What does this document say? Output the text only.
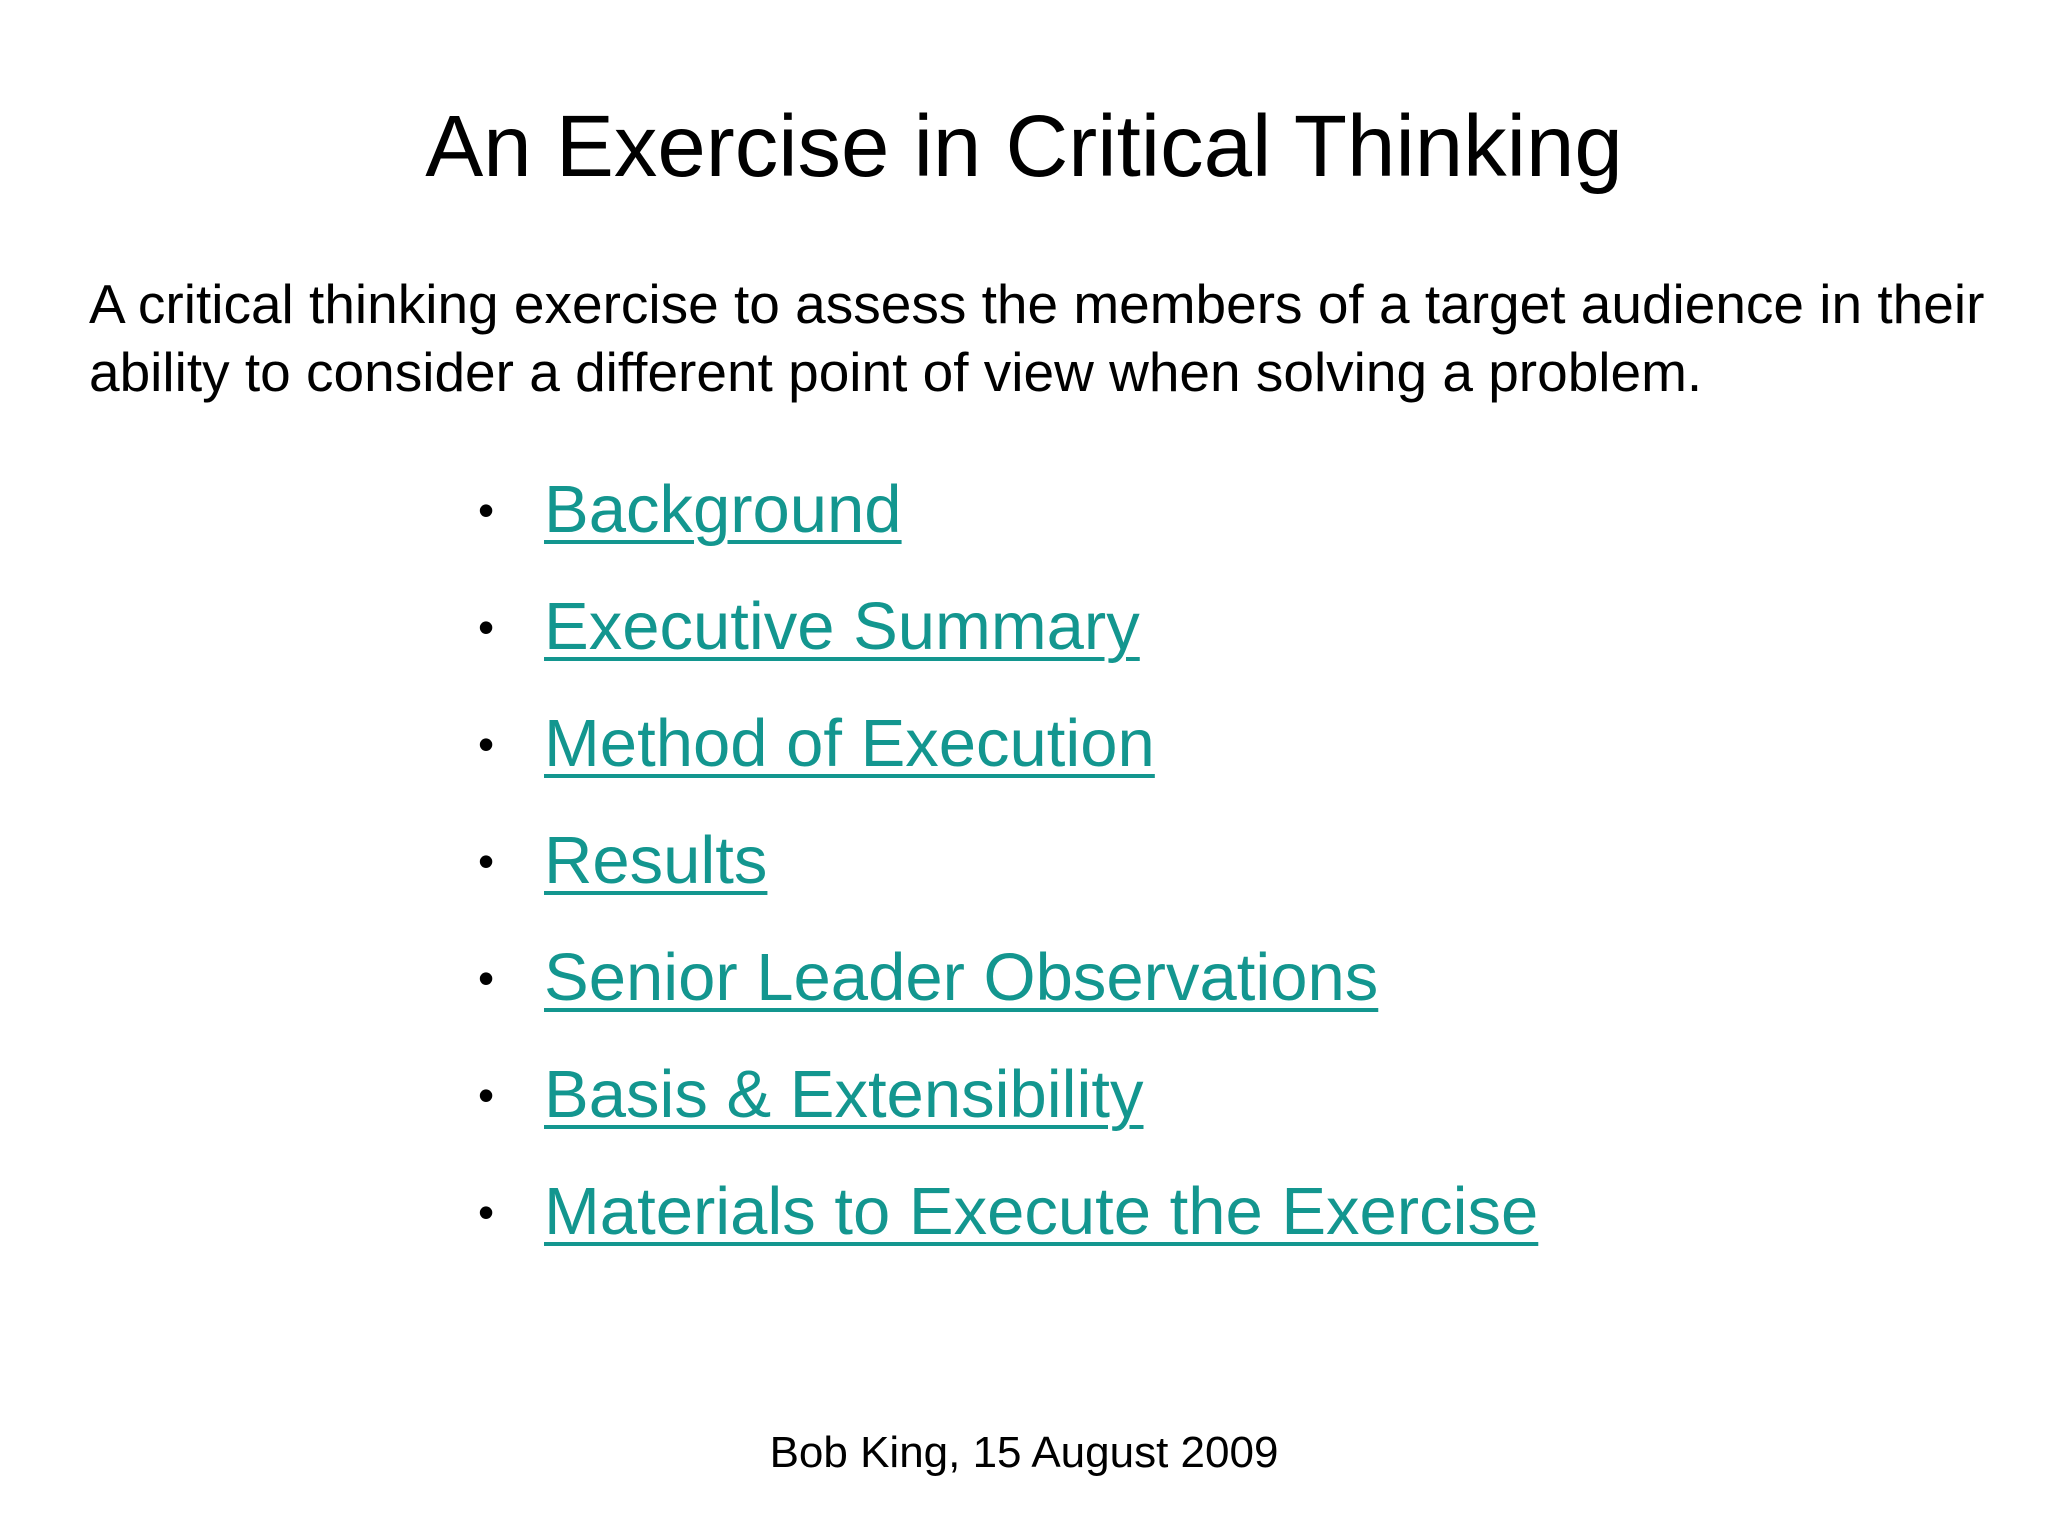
An Exercise in Critical Thinking

A critical thinking exercise to assess the members of a target audience in their ability to consider a different point of view when solving a problem.

• Background
• Executive Summary
• Method of Execution
• Results
• Senior Leader Observations
• Basis & Extensibility
• Materials to Execute the Exercise

Bob King, 15 August 2009
